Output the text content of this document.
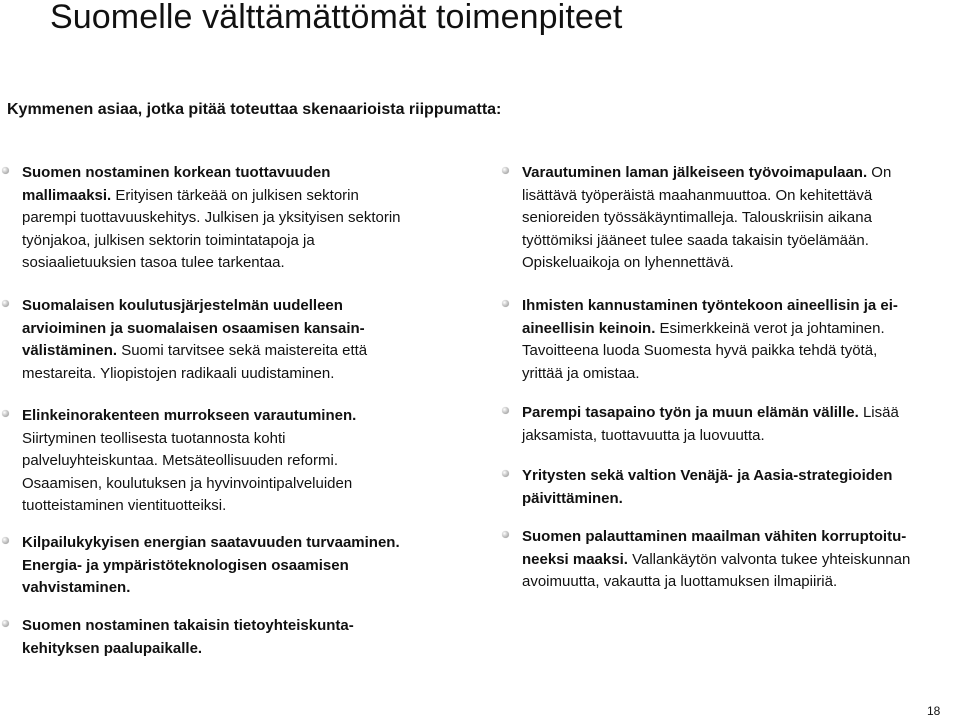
Suomelle välttämättömät toimenpiteet

Kymmenen asiaa, jotka pitää toteuttaa skenaarioista riippumatta:

Suomen nostaminen korkean tuottavuuden
mallimaaksi. Erityisen tärkeää on julkisen sektorin
parempi tuottavuuskehitys. Julkisen ja yksityisen sektorin
työnjakoa, julkisen sektorin toimintatapoja ja
sosiaalietuuksien tasoa tulee tarkentaa.
Suomalaisen koulutusjärjestelmän uudelleen
arvioiminen ja suomalaisen osaamisen kansain-
välistäminen. Suomi tarvitsee sekä maistereita että
mestareita. Yliopistojen radikaali uudistaminen.
Elinkeinorakenteen murrokseen varautuminen.
Siirtyminen teollisesta tuotannosta kohti
palveluyhteiskuntaa. Metsäteollisuuden reformi.
Osaamisen, koulutuksen ja hyvinvointipalveluiden
tuotteistaminen vientituotteiksi.
Kilpailukykyisen energian saatavuuden turvaaminen.
Energia- ja ympäristöteknologisen osaamisen
vahvistaminen.
Suomen nostaminen takaisin tietoyhteiskunta-
kehityksen paalupaikalle.
Varautuminen laman jälkeiseen työvoimapulaan. On
lisättävä työperäistä maahanmuuttoa. On kehitettävä
senioreiden työssäkäyntimalleja. Talouskriisin aikana
työttömiksi jääneet tulee saada takaisin työelämään.
Opiskeluaikoja on lyhennettävä.
Ihmisten kannustaminen työntekoon aineellisin ja ei-
aineellisin keinoin. Esimerkkeinä verot ja johtaminen.
Tavoitteena luoda Suomesta hyvä paikka tehdä työtä,
yrittää ja omistaa.
Parempi tasapaino työn ja muun elämän välille. Lisää
jaksamista, tuottavuutta ja luovuutta.
Yritysten sekä valtion Venäjä- ja Aasia-strategioiden
päivittäminen.
Suomen palauttaminen maailman vähiten korruptoitu-
neeksi maaksi. Vallankäytön valvonta tukee yhteiskunnan
avoimuutta, vakautta ja luottamuksen ilmapiiriä.
18
